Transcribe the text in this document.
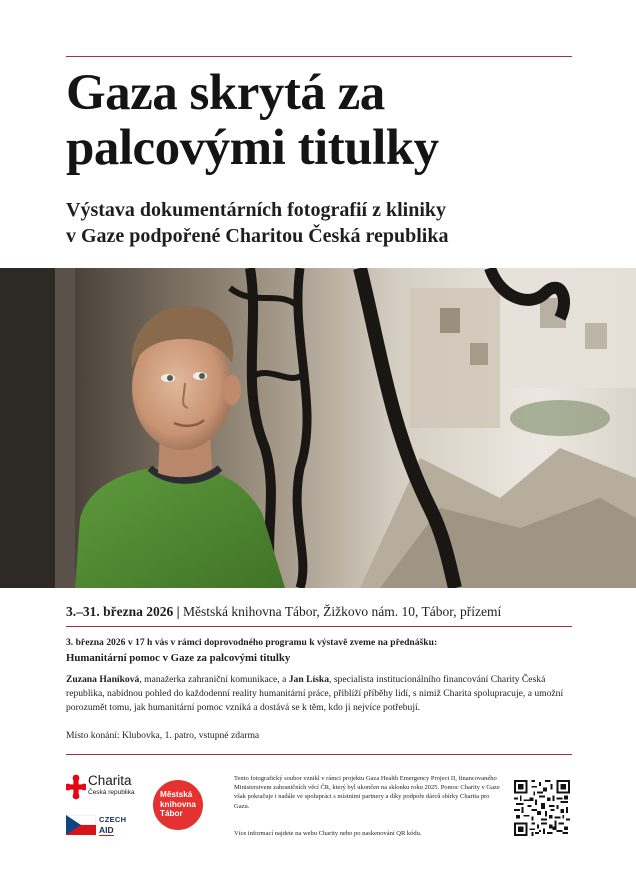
Gaza skrytá za
palcovými titulky
Výstava dokumentárních fotografií z kliniky
v Gaze podpořené Charitou Česká republika
3.–31. března 2026 | Městská knihovna Tábor, Žižkovo nám. 10, Tábor, přízemí
3. března 2026 v 17 h vás v rámci doprovodného programu k výstavě zveme na přednášku:
Humanitární pomoc v Gaze za palcovými titulky

Zuzana Haníková, manažerka zahraniční komunikace, a Jan Líska, specialista institucionálního financování Charity Česká republika, nabídnou pohled do každodenní reality humanitární práce, přiblíží příběhy lidí, s nimiž Charita spolupracuje, a umožní porozumět tomu, jak humanitární pomoc vzniká a dostává se k těm, kdo ji nejvíce potřebují.

Místo konání: Klubovka, 1. patro, vstupné zdarma
Charita
Česká republika
CZECH
AID
Městská
knihovna
Tábor

Tento fotografický soubor vznikl v rámci projektu Gaza Health Emergency Project II, financovaného Ministerstvem zahraničních věcí ČR, který byl ukončen na sklonku roku 2025. Pomoc Charity v Gaze však pokračuje i nadále ve spolupráci s místními partnery a díky podpoře dárců sbírky Charita pro Gazu.

Více informací najdete na webu Charity nebo po naskenování QR kódu.
